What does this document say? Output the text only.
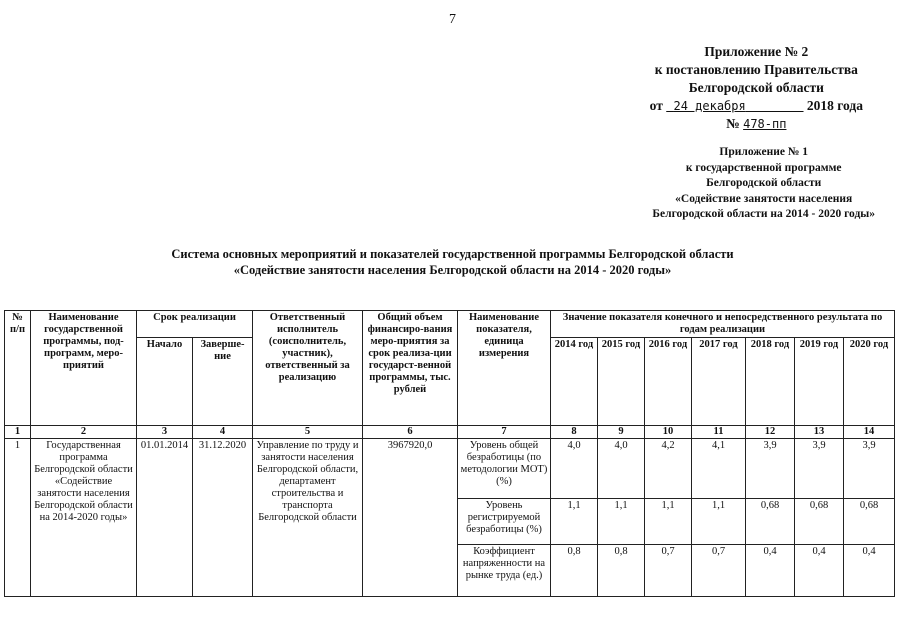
7
Приложение № 2
к постановлению Правительства
Белгородской области
от 24 декабря	2018 года
№ 478-пп
Приложение № 1
к государственной программе
Белгородской области
«Содействие занятости населения
Белгородской области на 2014 - 2020 годы»
Система основных мероприятий и показателей государственной программы Белгородской области
«Содействие занятости населения Белгородской области на 2014 - 2020 годы»
№ п/п	Наименование государственной программы, под-программ, меро-приятий	Срок реализации		Ответственный исполнитель (соисполнитель, участник), ответственный за реализацию	Общий объем финансиро-вания меро-приятия за срок реализа-ции государст-венной программы, тыс. рублей	Наименование показателя, единица измерения	Значение показателя конечного и непосредственного результата по годам реализации						
		Начало	Заверше-ние				2014 год	2015 год	2016 год	2017 год	2018 год	2019 год	2020 год
1	2	3	4	5	6	7	8	9	10	11	12	13	14
1	Государственная программа Белгородской области «Содействие занятости населения Белгородской области на 2014-2020 годы»	01.01.2014	31.12.2020	Управление по труду и занятости населения Белгородской области, департамент строительства и транспорта Белгородской области	3967920,0	Уровень общей безработицы (по методологии МОТ) (%)	4,0	4,0	4,2	4,1	3,9	3,9	3,9
						Уровень регистрируемой безработицы (%)	1,1	1,1	1,1	1,1	0,68	0,68	0,68
						Коэффициент напряженности на рынке труда (ед.)	0,8	0,8	0,7	0,7	0,4	0,4	0,4
